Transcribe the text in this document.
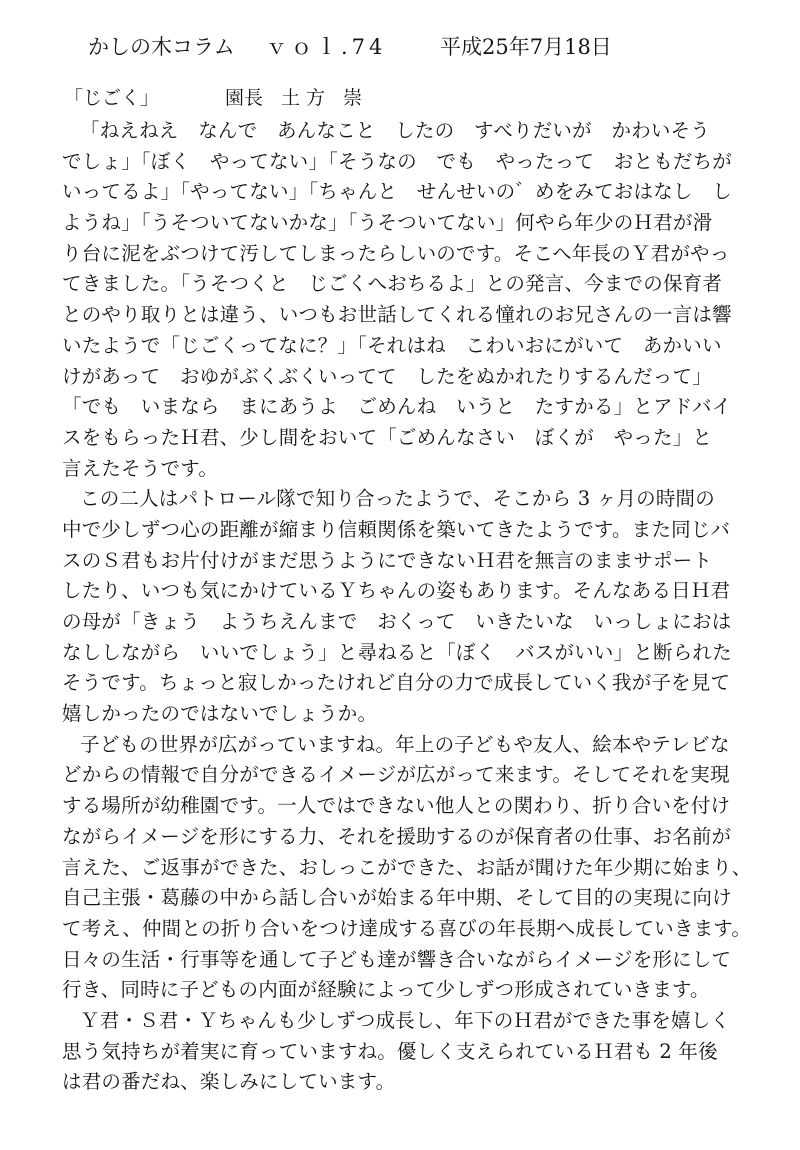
かしの木コラム ｖｏｌ.74	平成25年7月18日
「じごく」	園長 土方 崇
「ねえねえ　なんで　あんなこと　したの　すべりだいが　かわいそう
でしょ」「ぼく　やってない」「そうなの　でも　やったって　おともだちが
いってるよ」「やってない」「ちゃんと　せんせいの゛めをみておはなし　し
ようね」「うそついてないかな」「うそついてない」何やら年少のＨ君が滑
り台に泥をぶつけて汚してしまったらしいのです。そこへ年長のＹ君がやっ
てきました。「うそつくと　じごくへおちるよ」との発言、今までの保育者
とのやり取りとは違う、いつもお世話してくれる憧れのお兄さんの一言は響
いたようで「じごくってなに？」「それはね　こわいおにがいて　あかいい
けがあって　おゆがぶくぶくいってて　したをぬかれたりするんだって」
「でも　いまなら　まにあうよ　ごめんね　いうと　たすかる」とアドバイ
スをもらったＨ君、少し間をおいて「ごめんなさい　ぼくが　やった」と
言えたそうです。
この二人はパトロール隊で知り合ったようで、そこから 3 ヶ月の時間の
中で少しずつ心の距離が縮まり信頼関係を築いてきたようです。また同じバ
スのＳ君もお片付けがまだ思うようにできないＨ君を無言のままサポート
したり、いつも気にかけているＹちゃんの姿もあります。そんなある日Ｈ君
の母が「きょう　ようちえんまで　おくって　いきたいな　いっしょにおは
なししながら　いいでしょう」と尋ねると「ぼく　バスがいい」と断られた
そうです。ちょっと寂しかったけれど自分の力で成長していく我が子を見て
嬉しかったのではないでしょうか。
子どもの世界が広がっていますね。年上の子どもや友人、絵本やテレビな
どからの情報で自分ができるイメージが広がって来ます。そしてそれを実現
する場所が幼稚園です。一人ではできない他人との関わり、折り合いを付け
ながらイメージを形にする力、それを援助するのが保育者の仕事、お名前が
言えた、ご返事ができた、おしっこができた、お話が聞けた年少期に始まり、
自己主張・葛藤の中から話し合いが始まる年中期、そして目的の実現に向け
て考え、仲間との折り合いをつけ達成する喜びの年長期へ成長していきます。
日々の生活・行事等を通して子ども達が響き合いながらイメージを形にして
行き、同時に子どもの内面が経験によって少しずつ形成されていきます。
Ｙ君・Ｓ君・Ｙちゃんも少しずつ成長し、年下のＨ君ができた事を嬉しく
思う気持ちが着実に育っていますね。優しく支えられているＨ君も 2 年後
は君の番だね、楽しみにしています。
